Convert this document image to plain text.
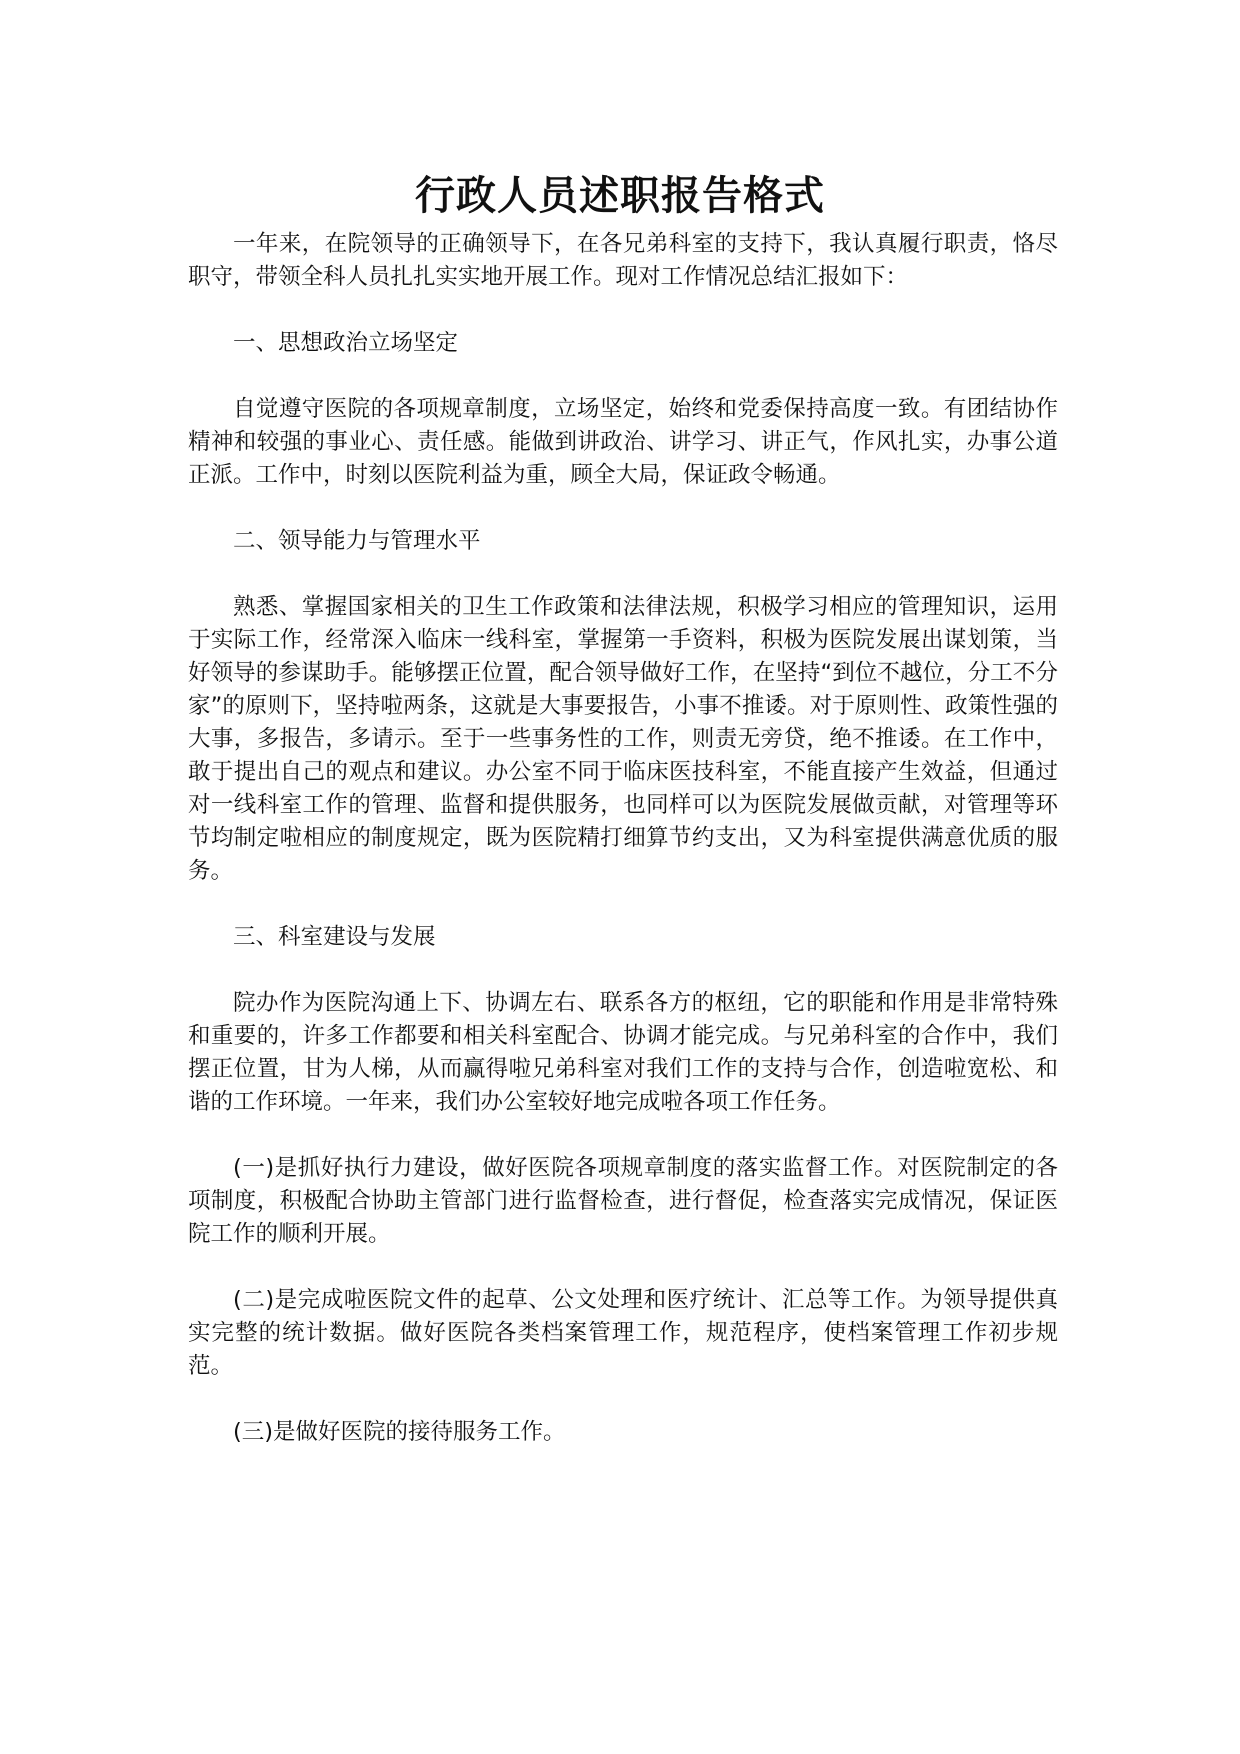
行政人员述职报告格式

一年来，在院领导的正确领导下，在各兄弟科室的支持下，我认真履行职责，恪尽职守，带领全科人员扎扎实实地开展工作。现对工作情况总结汇报如下：

一、思想政治立场坚定

自觉遵守医院的各项规章制度，立场坚定，始终和党委保持高度一致。有团结协作精神和较强的事业心、责任感。能做到讲政治、讲学习、讲正气，作风扎实，办事公道正派。工作中，时刻以医院利益为重，顾全大局，保证政令畅通。

二、领导能力与管理水平

熟悉、掌握国家相关的卫生工作政策和法律法规，积极学习相应的管理知识，运用于实际工作，经常深入临床一线科室，掌握第一手资料，积极为医院发展出谋划策，当好领导的参谋助手。能够摆正位置，配合领导做好工作，在坚持“到位不越位，分工不分家”的原则下，坚持啦两条，这就是大事要报告，小事不推诿。对于原则性、政策性强的大事，多报告，多请示。至于一些事务性的工作，则责无旁贷，绝不推诿。在工作中，敢于提出自己的观点和建议。办公室不同于临床医技科室，不能直接产生效益，但通过对一线科室工作的管理、监督和提供服务，也同样可以为医院发展做贡献，对管理等环节均制定啦相应的制度规定，既为医院精打细算节约支出，又为科室提供满意优质的服务。

三、科室建设与发展

院办作为医院沟通上下、协调左右、联系各方的枢纽，它的职能和作用是非常特殊和重要的，许多工作都要和相关科室配合、协调才能完成。与兄弟科室的合作中，我们摆正位置，甘为人梯，从而赢得啦兄弟科室对我们工作的支持与合作，创造啦宽松、和谐的工作环境。一年来，我们办公室较好地完成啦各项工作任务。

(一)是抓好执行力建设，做好医院各项规章制度的落实监督工作。对医院制定的各项制度，积极配合协助主管部门进行监督检查，进行督促，检查落实完成情况，保证医院工作的顺利开展。

(二)是完成啦医院文件的起草、公文处理和医疗统计、汇总等工作。为领导提供真实完整的统计数据。做好医院各类档案管理工作，规范程序，使档案管理工作初步规范。

(三)是做好医院的接待服务工作。
